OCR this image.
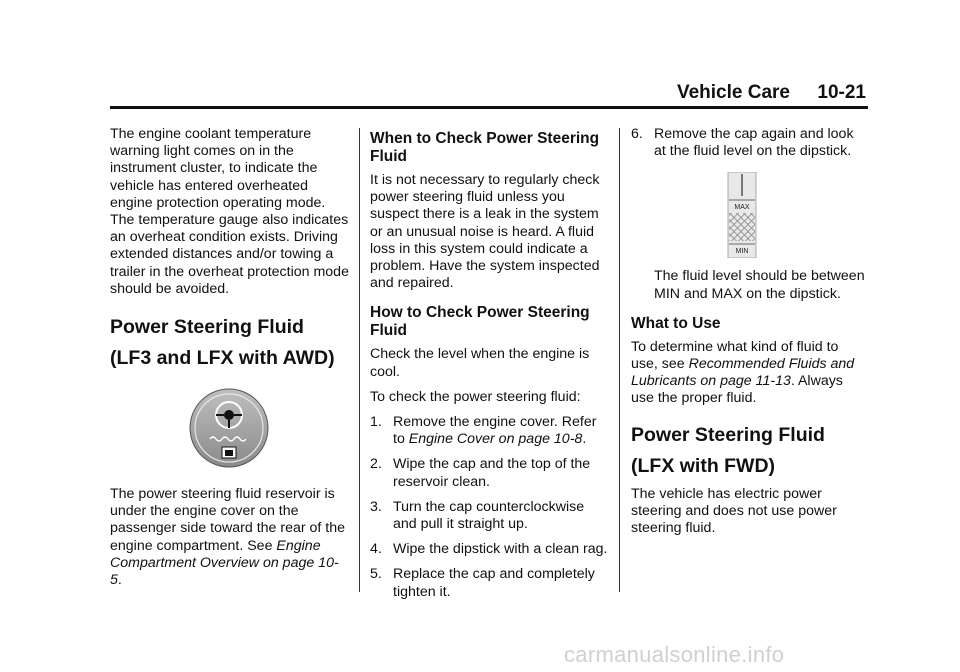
Vehicle Care 10-21

The engine coolant temperature warning light comes on in the instrument cluster, to indicate the vehicle has entered overheated engine protection operating mode. The temperature gauge also indicates an overheat condition exists. Driving extended distances and/or towing a trailer in the overheat protection mode should be avoided.

Power Steering Fluid
(LF3 and LFX with AWD)

The power steering fluid reservoir is under the engine cover on the passenger side toward the rear of the engine compartment. See Engine Compartment Overview on page 10-5.

When to Check Power Steering Fluid

It is not necessary to regularly check power steering fluid unless you suspect there is a leak in the system or an unusual noise is heard. A fluid loss in this system could indicate a problem. Have the system inspected and repaired.

How to Check Power Steering Fluid

Check the level when the engine is cool.

To check the power steering fluid:

1. Remove the engine cover. Refer to Engine Cover on page 10-8.
2. Wipe the cap and the top of the reservoir clean.
3. Turn the cap counterclockwise and pull it straight up.
4. Wipe the dipstick with a clean rag.
5. Replace the cap and completely tighten it.
6. Remove the cap again and look at the fluid level on the dipstick.
MAX
MIN

The fluid level should be between MIN and MAX on the dipstick.

What to Use

To determine what kind of fluid to use, see Recommended Fluids and Lubricants on page 11-13. Always use the proper fluid.

Power Steering Fluid
(LFX with FWD)

The vehicle has electric power steering and does not use power steering fluid.

carmanualsonline.info
